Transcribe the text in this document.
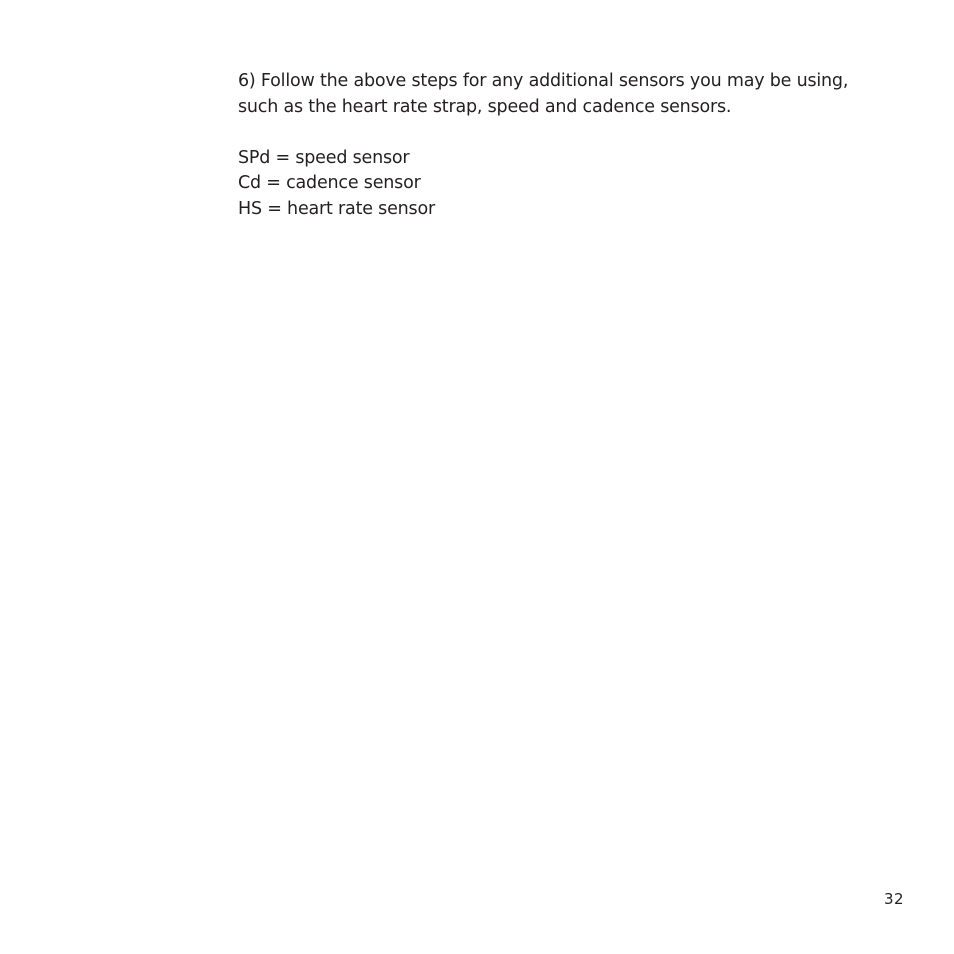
6) Follow the above steps for any additional sensors you may be using,
such as the heart rate strap, speed and cadence sensors.

SPd = speed sensor
Cd = cadence sensor
HS = heart rate sensor
32
